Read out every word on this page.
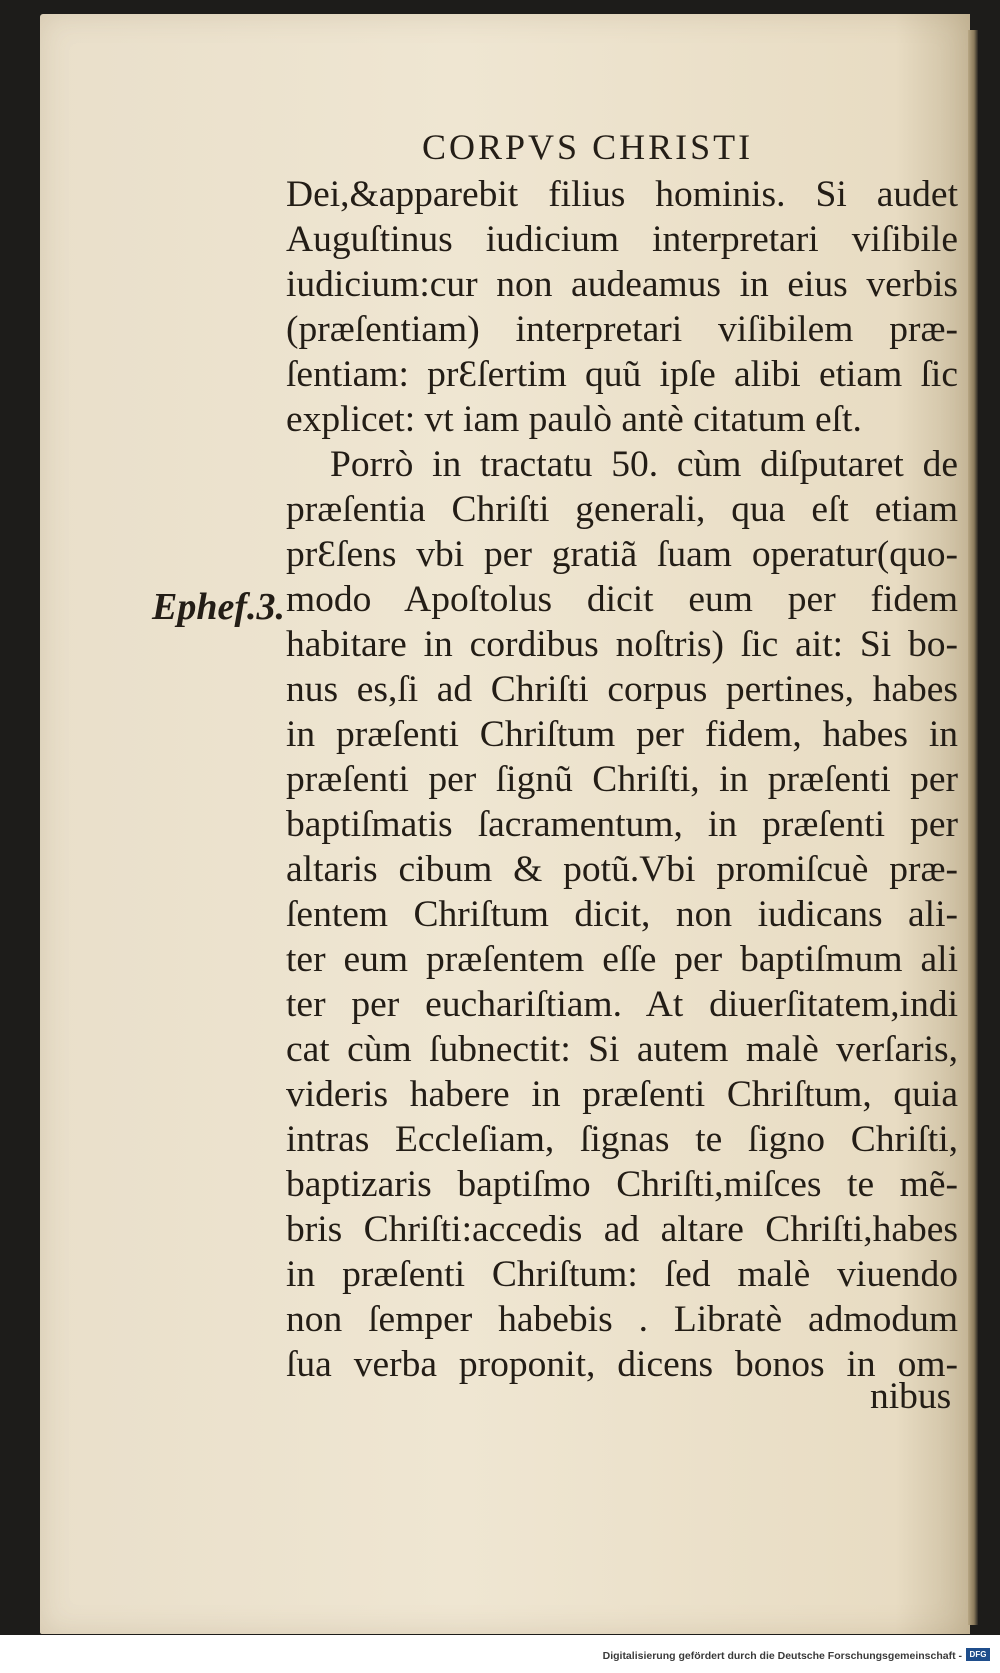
CORPVS CHRISTI
Ephef.3.
Dei,&apparebit filius hominis. Si audet
Auguſtinus iudicium interpretari viſibile
iudicium:cur non audeamus in eius verbis
(præſentiam) interpretari viſibilem præ-
ſentiam: prƐſertim quũ ipſe alibi etiam ſic
explicet: vt iam paulò antè citatum eſt.
Porrò in tractatu 50. cùm diſputaret de
præſentia Chriſti generali, qua eſt etiam
prƐſens vbi per gratiã ſuam operatur(quo-
modo Apoſtolus dicit eum per fidem
habitare in cordibus noſtris) ſic ait: Si bo-
nus es,ſi ad Chriſti corpus pertines, habes
in præſenti Chriſtum per fidem, habes in
præſenti per ſignũ Chriſti, in præſenti per
baptiſmatis ſacramentum, in præſenti per
altaris cibum & potũ.Vbi promiſcuè præ-
ſentem Chriſtum dicit, non iudicans ali-
ter eum præſentem eſſe per baptiſmum ali
ter per euchariſtiam. At diuerſitatem,indi
cat cùm ſubnectit: Si autem malè verſaris,
videris habere in præſenti Chriſtum, quia
intras Eccleſiam, ſignas te ſigno Chriſti,
baptizaris baptiſmo Chriſti,miſces te mẽ-
bris Chriſti:accedis ad altare Chriſti,habes
in præſenti Chriſtum: ſed malè viuendo
non ſemper habebis . Libratè admodum
ſua verba proponit, dicens bonos in om-
nibus
Digitalisierung gefördert durch die Deutsche Forschungsgemeinschaft - DFG
